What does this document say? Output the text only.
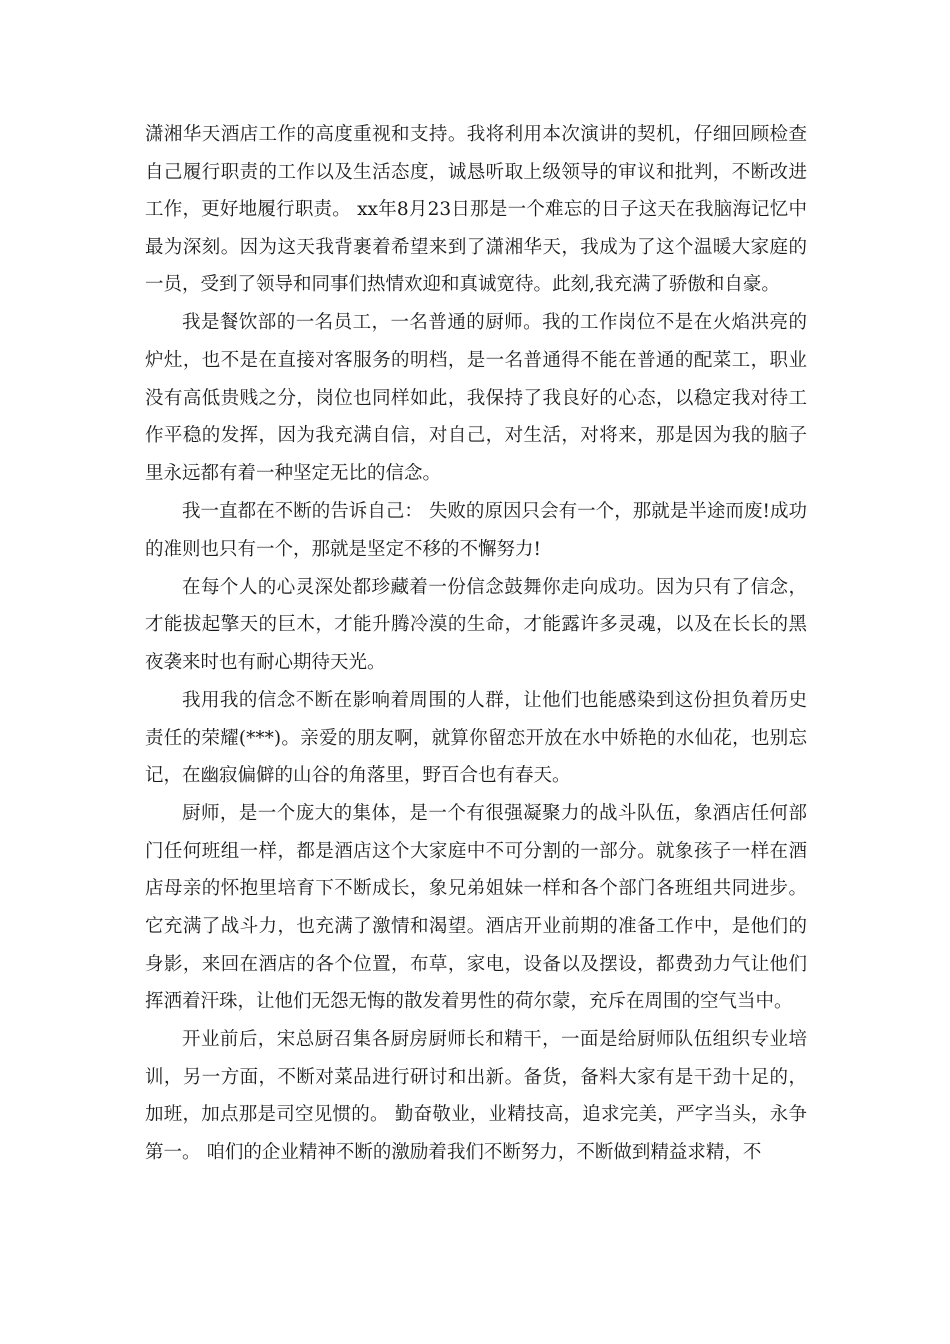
潇湘华天酒店工作的高度重视和支持。我将利用本次演讲的契机，仔细回顾检查自己履行职责的工作以及生活态度，诚恳听取上级领导的审议和批判，不断改进工作，更好地履行职责。 xx年8月23日那是一个难忘的日子这天在我脑海记忆中最为深刻。因为这天我背裹着希望来到了潇湘华天，我成为了这个温暖大家庭的一员，受到了领导和同事们热情欢迎和真诚宽待。此刻,我充满了骄傲和自豪。

我是餐饮部的一名员工，一名普通的厨师。我的工作岗位不是在火焰洪亮的炉灶，也不是在直接对客服务的明档，是一名普通得不能在普通的配菜工，职业没有高低贵贱之分，岗位也同样如此，我保持了我良好的心态，以稳定我对待工作平稳的发挥，因为我充满自信，对自己，对生活，对将来，那是因为我的脑子里永远都有着一种坚定无比的信念。

我一直都在不断的告诉自己： 失败的原因只会有一个，那就是半途而废!成功的准则也只有一个，那就是坚定不移的不懈努力!

在每个人的心灵深处都珍藏着一份信念鼓舞你走向成功。因为只有了信念，才能拔起擎天的巨木，才能升腾冷漠的生命，才能露许多灵魂，以及在长长的黑夜袭来时也有耐心期待天光。

我用我的信念不断在影响着周围的人群，让他们也能感染到这份担负着历史责任的荣耀(***)。亲爱的朋友啊，就算你留恋开放在水中娇艳的水仙花，也别忘记，在幽寂偏僻的山谷的角落里，野百合也有春天。

厨师，是一个庞大的集体，是一个有很强凝聚力的战斗队伍，象酒店任何部门任何班组一样，都是酒店这个大家庭中不可分割的一部分。就象孩子一样在酒店母亲的怀抱里培育下不断成长，象兄弟姐妹一样和各个部门各班组共同进步。它充满了战斗力，也充满了激情和渴望。酒店开业前期的准备工作中，是他们的身影，来回在酒店的各个位置，布草，家电，设备以及摆设，都费劲力气让他们挥洒着汗珠，让他们无怨无悔的散发着男性的荷尔蒙，充斥在周围的空气当中。

开业前后，宋总厨召集各厨房厨师长和精干，一面是给厨师队伍组织专业培训，另一方面，不断对菜品进行研讨和出新。备货，备料大家有是干劲十足的，加班，加点那是司空见惯的。 勤奋敬业，业精技高，追求完美，严字当头，永争第一。 咱们的企业精神不断的激励着我们不断努力，不断做到精益求精，不
